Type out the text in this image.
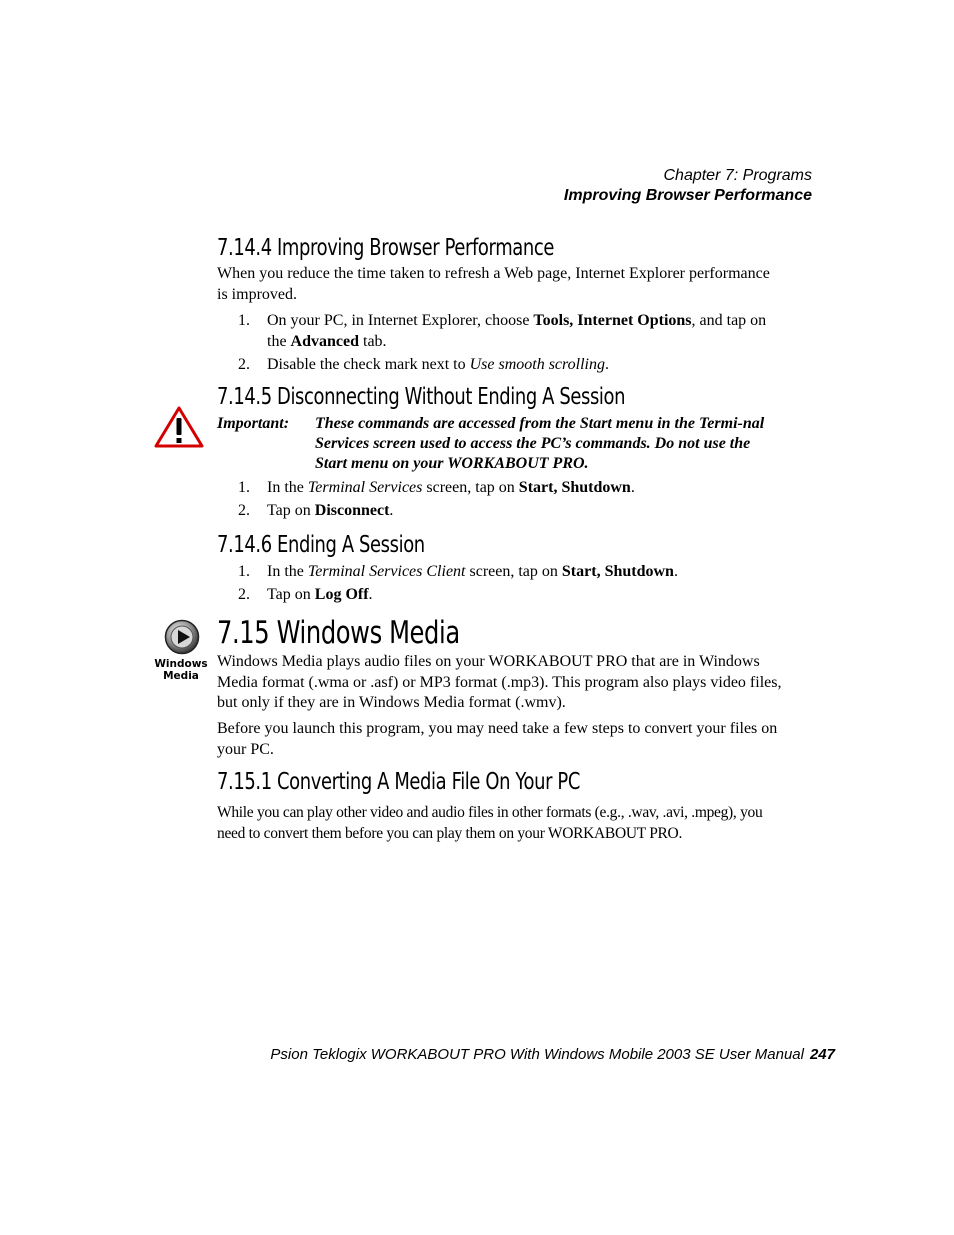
Chapter 7: Programs
Improving Browser Performance
7.14.4 Improving Browser Performance
When you reduce the time taken to refresh a Web page, Internet Explorer performance is improved.
1. On your PC, in Internet Explorer, choose Tools, Internet Options, and tap on the Advanced tab.
2. Disable the check mark next to Use smooth scrolling.
7.14.5 Disconnecting Without Ending A Session
Important: These commands are accessed from the Start menu in the Termi-nal Services screen used to access the PC’s commands. Do not use the Start menu on your WORKABOUT PRO.
1. In the Terminal Services screen, tap on Start, Shutdown.
2. Tap on Disconnect.
7.14.6 Ending A Session
1. In the Terminal Services Client screen, tap on Start, Shutdown.
2. Tap on Log Off.
7.15 Windows Media
Windows
Media
Windows Media plays audio files on your WORKABOUT PRO that are in Windows Media format (.wma or .asf) or MP3 format (.mp3). This program also plays video files, but only if they are in Windows Media format (.wmv).
Before you launch this program, you may need take a few steps to convert your files on your PC.
7.15.1 Converting A Media File On Your PC
While you can play other video and audio files in other formats (e.g., .wav, .avi, .mpeg), you need to convert them before you can play them on your WORKABOUT PRO.
Psion Teklogix WORKABOUT PRO With Windows Mobile 2003 SE User Manual 247
